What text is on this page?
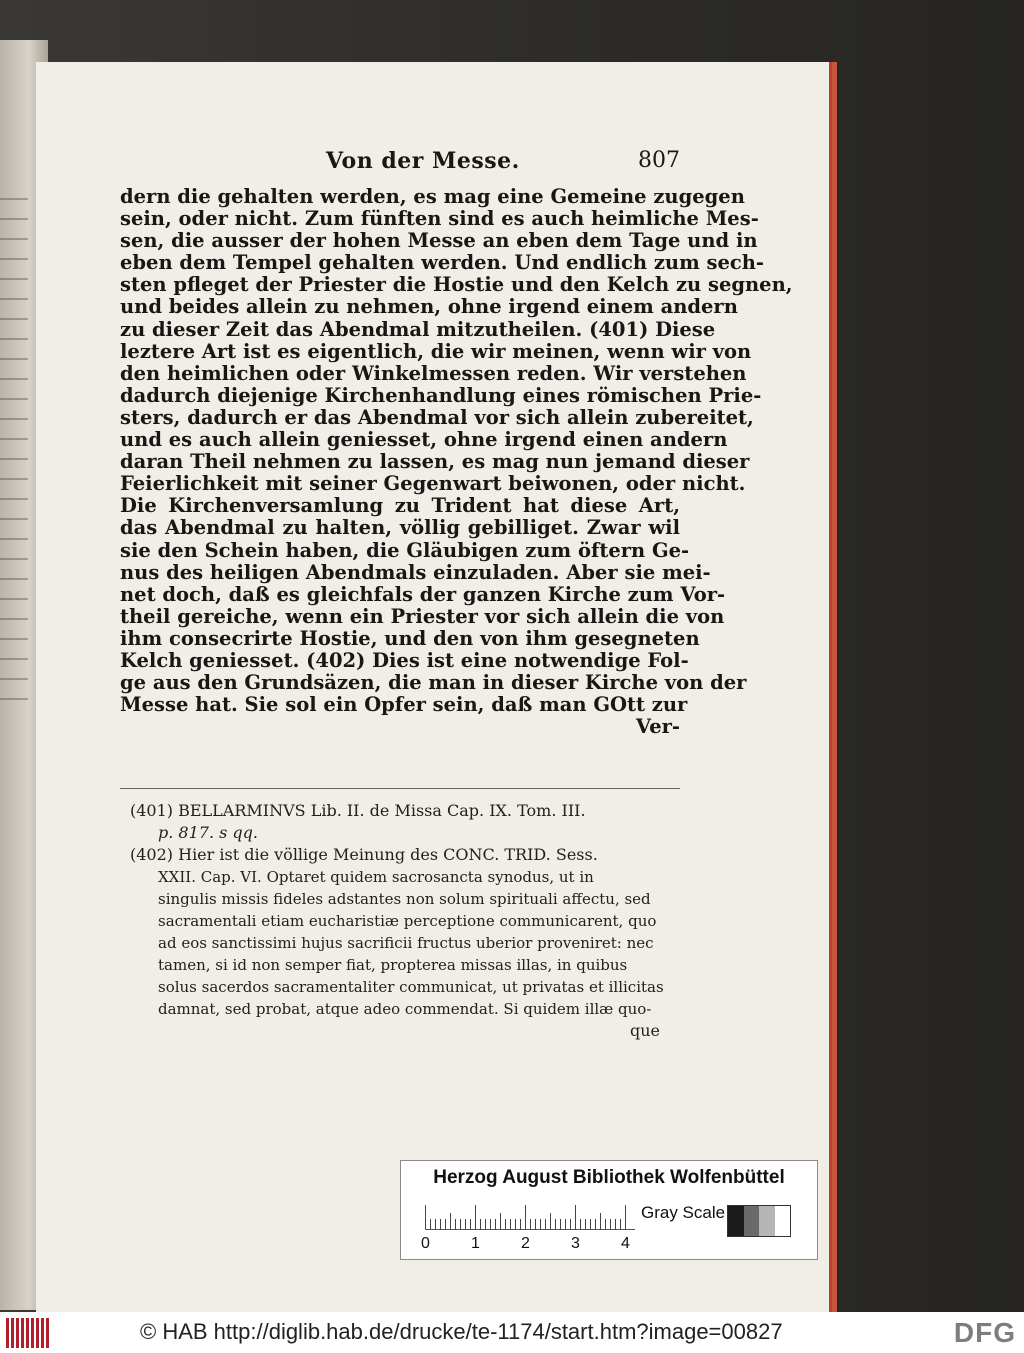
Von der Messe.	807
dern die gehalten werden, es mag eine Gemeine zugegen
sein, oder nicht. Zum fünften sind es auch heimliche Mes-
sen, die ausser der hohen Messe an eben dem Tage und in
eben dem Tempel gehalten werden. Und endlich zum sech-
sten pfleget der Priester die Hostie und den Kelch zu segnen,
und beides allein zu nehmen, ohne irgend einem andern
zu dieser Zeit das Abendmal mitzutheilen. (401) Diese
leztere Art ist es eigentlich, die wir meinen, wenn wir von
den heimlichen oder Winkelmessen reden. Wir verstehen
dadurch diejenige Kirchenhandlung eines römischen Prie-
sters, dadurch er das Abendmal vor sich allein zubereitet,
und es auch allein geniesset, ohne irgend einen andern
daran Theil nehmen zu lassen, es mag nun jemand dieser
Feierlichkeit mit seiner Gegenwart beiwonen, oder nicht.
Die Kirchenversamlung zu Trident hat diese Art,
das Abendmal zu halten, völlig gebilliget. Zwar wil
sie den Schein haben, die Gläubigen zum öftern Ge-
nus des heiligen Abendmals einzuladen. Aber sie mei-
net doch, daß es gleichfals der ganzen Kirche zum Vor-
theil gereiche, wenn ein Priester vor sich allein die von
ihm consecrirte Hostie, und den von ihm gesegneten
Kelch geniesset. (402) Dies ist eine notwendige Fol-
ge aus den Grundsäzen, die man in dieser Kirche von der
Messe hat. Sie sol ein Opfer sein, daß man GOtt zur
Ver-
(401) BELLARMINVS Lib. II. de Missa Cap. IX. Tom. III.
p. 817. s qq.
(402) Hier ist die völlige Meinung des CONC. TRID. Sess.
XXII. Cap. VI. Optaret quidem sacrosancta synodus, ut in
singulis missis fideles adstantes non solum spirituali affectu, sed
sacramentali etiam eucharistiæ perceptione communicarent, quo
ad eos sanctissimi hujus sacrificii fructus uberior proveniret: nec
tamen, si id non semper fiat, propterea missas illas, in quibus
solus sacerdos sacramentaliter communicat, ut privatas et illicitas
damnat, sed probat, atque adeo commendat. Si quidem illæ quo-
que
Herzog August Bibliothek Wolfenbüttel
0	1	2	3	4
Gray Scale
© HAB http://diglib.hab.de/drucke/te-1174/start.htm?image=00827	DFG
